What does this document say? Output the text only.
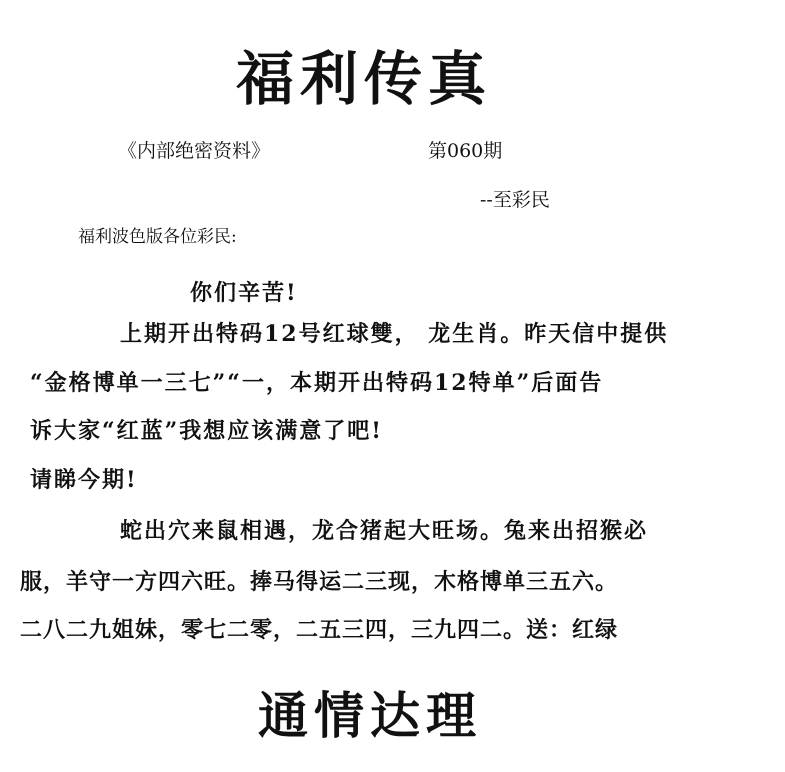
福利传真
《内部绝密资料》	第060期
--至彩民
福利波色版各位彩民:
你们辛苦!
上期开出特码12号红球雙， 龙生肖。昨天信中提供
“金格博单一三七”“一，本期开出特码12特单”后面告
诉大家“红蓝”我想应该满意了吧!
请睇今期!
蛇出穴来鼠相遇，龙合猪起大旺场。兔来出招猴必
服，羊守一方四六旺。捧马得运二三现，木格博单三五六。
二八二九姐妹，零七二零，二五三四，三九四二。送：红绿
通情达理
